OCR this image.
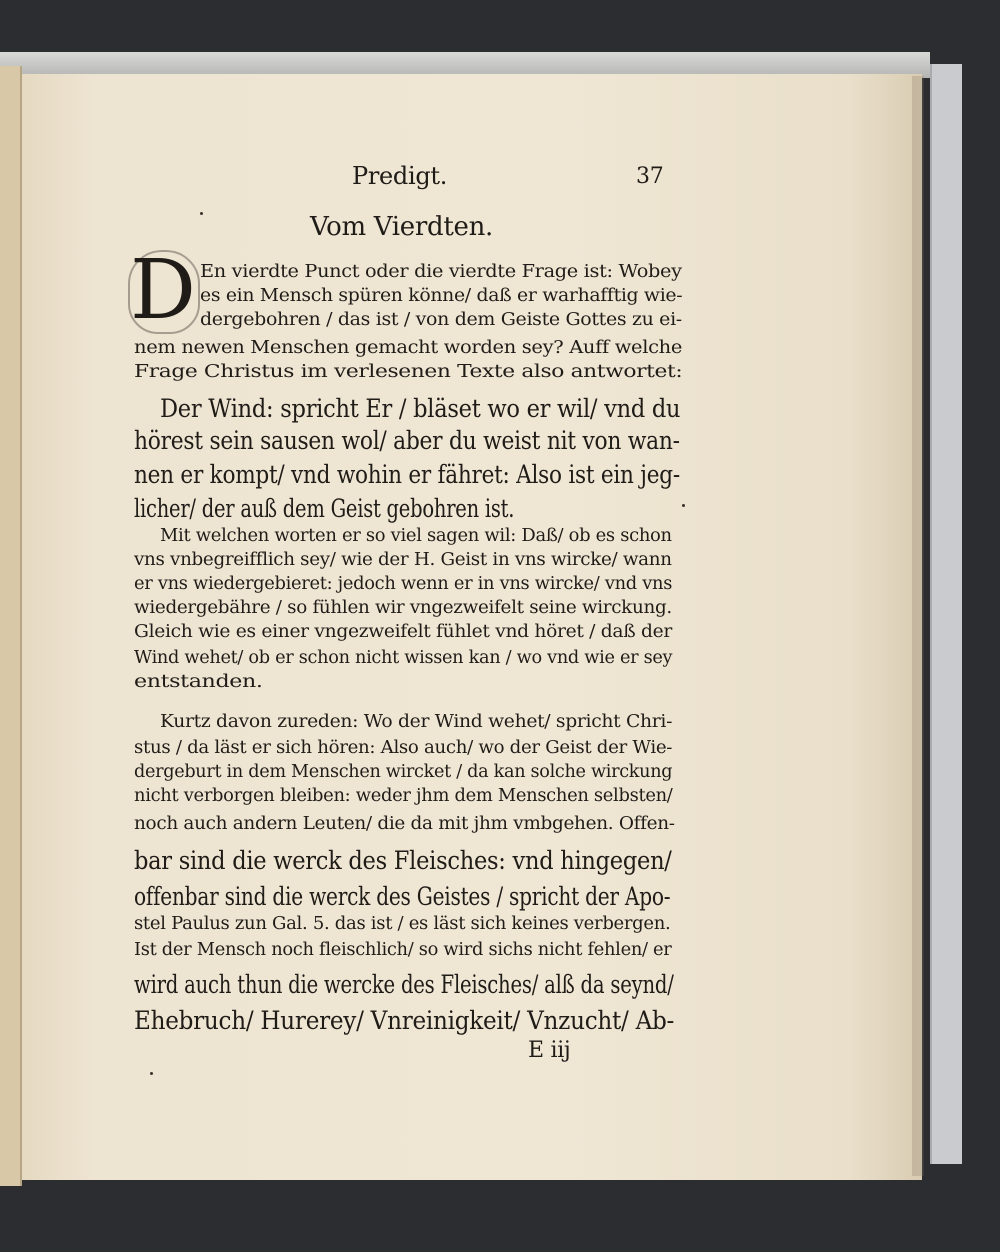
Predigt.	37
Vom Vierdten.
D En vierdte Punct oder die vierdte Frage ist: Wobey
es ein Mensch spüren könne/ daß er warhafftig wie-
dergebohren / das ist / von dem Geiste Gottes zu ei-
nem newen Menschen gemacht worden sey? Auff welche
Frage Christus im verlesenen Texte also antwortet:
Der Wind: spricht Er / bläset wo er wil/ vnd du
hörest sein sausen wol/ aber du weist nit von wan-
nen er kompt/ vnd wohin er fähret: Also ist ein jeg-
licher/ der auß dem Geist gebohren ist.
Mit welchen worten er so viel sagen wil: Daß/ ob es schon
vns vnbegreifflich sey/ wie der H. Geist in vns wircke/ wann
er vns wiedergebieret: jedoch wenn er in vns wircke/ vnd vns
wiedergebähre / so fühlen wir vngezweifelt seine wirckung.
Gleich wie es einer vngezweifelt fühlet vnd höret / daß der
Wind wehet/ ob er schon nicht wissen kan / wo vnd wie er sey
entstanden.
Kurtz davon zureden: Wo der Wind wehet/ spricht Chri-
stus / da läst er sich hören: Also auch/ wo der Geist der Wie-
dergeburt in dem Menschen wircket / da kan solche wirckung
nicht verborgen bleiben: weder jhm dem Menschen selbsten/
noch auch andern Leuten/ die da mit jhm vmbgehen. Offen-
bar sind die werck des Fleisches: vnd hingegen/
offenbar sind die werck des Geistes / spricht der Apo-
stel Paulus zun Gal. 5. das ist / es läst sich keines verbergen.
Ist der Mensch noch fleischlich/ so wird sichs nicht fehlen/ er
wird auch thun die wercke des Fleisches/ alß da seynd/
Ehebruch/ Hurerey/ Vnreinigkeit/ Vnzucht/ Ab-
E iij
